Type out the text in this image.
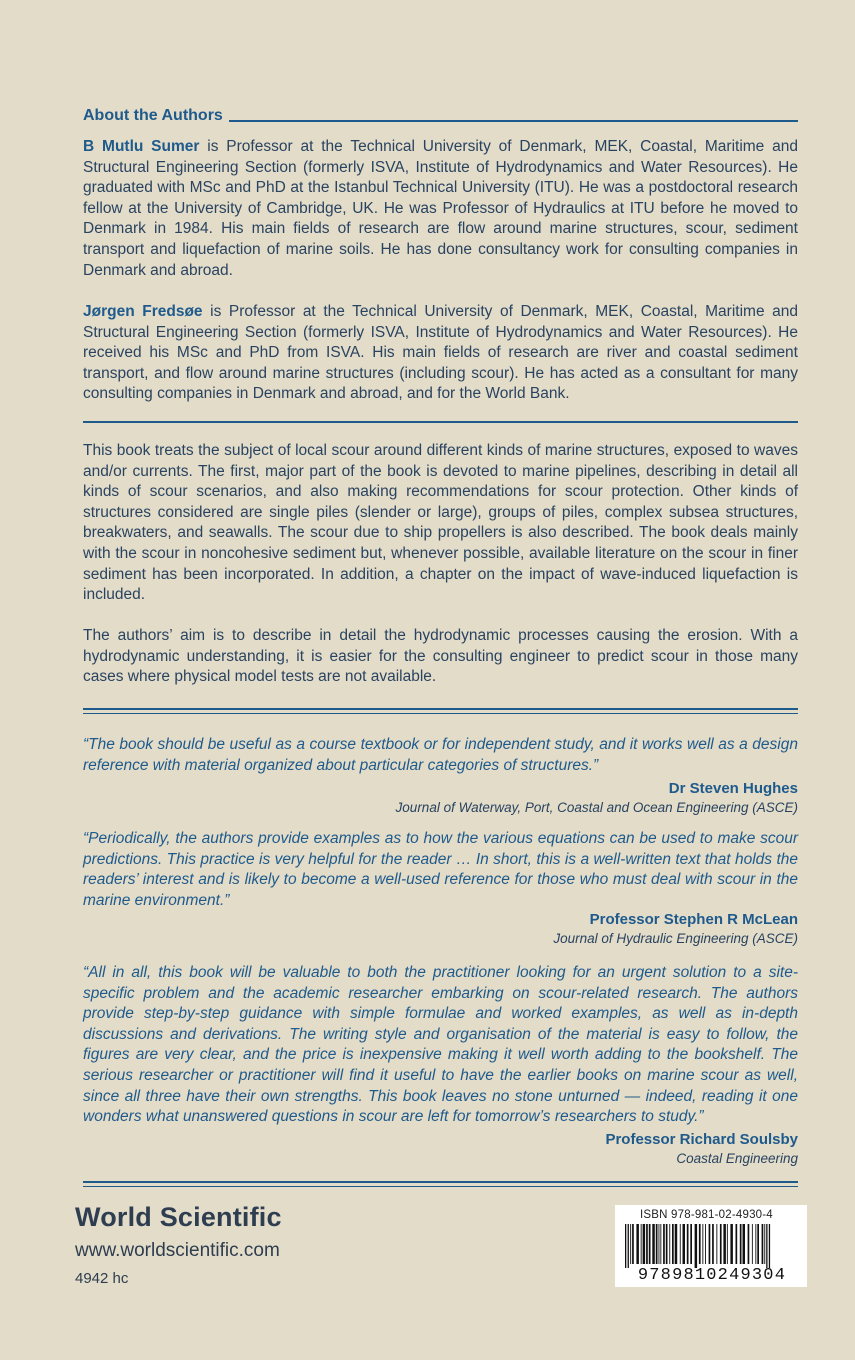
About the Authors

B Mutlu Sumer is Professor at the Technical University of Denmark, MEK, Coastal, Maritime and Structural Engineering Section (formerly ISVA, Institute of Hydrodynamics and Water Resources). He graduated with MSc and PhD at the Istanbul Technical University (ITU). He was a postdoctoral research fellow at the University of Cambridge, UK. He was Professor of Hydraulics at ITU before he moved to Denmark in 1984. His main fields of research are flow around marine structures, scour, sediment transport and liquefaction of marine soils. He has done consultancy work for consulting companies in Denmark and abroad.

Jørgen Fredsøe is Professor at the Technical University of Denmark, MEK, Coastal, Maritime and Structural Engineering Section (formerly ISVA, Institute of Hydrodynamics and Water Resources). He received his MSc and PhD from ISVA. His main fields of research are river and coastal sediment transport, and flow around marine structures (including scour). He has acted as a consultant for many consulting companies in Denmark and abroad, and for the World Bank.

This book treats the subject of local scour around different kinds of marine structures, exposed to waves and/or currents. The first, major part of the book is devoted to marine pipelines, describing in detail all kinds of scour scenarios, and also making recommendations for scour protection. Other kinds of structures considered are single piles (slender or large), groups of piles, complex subsea structures, breakwaters, and seawalls. The scour due to ship propellers is also described. The book deals mainly with the scour in noncohesive sediment but, whenever possible, available literature on the scour in finer sediment has been incorporated. In addition, a chapter on the impact of wave-induced liquefaction is included.

The authors’ aim is to describe in detail the hydrodynamic processes causing the erosion. With a hydrodynamic understanding, it is easier for the consulting engineer to predict scour in those many cases where physical model tests are not available.

“The book should be useful as a course textbook or for independent study, and it works well as a design reference with material organized about particular categories of structures.”

Dr Steven Hughes
Journal of Waterway, Port, Coastal and Ocean Engineering (ASCE)

“Periodically, the authors provide examples as to how the various equations can be used to make scour predictions. This practice is very helpful for the reader … In short, this is a well-written text that holds the readers’ interest and is likely to become a well-used reference for those who must deal with scour in the marine environment.”

Professor Stephen R McLean
Journal of Hydraulic Engineering (ASCE)

“All in all, this book will be valuable to both the practitioner looking for an urgent solution to a site-specific problem and the academic researcher embarking on scour-related research. The authors provide step-by-step guidance with simple formulae and worked examples, as well as in-depth discussions and derivations. The writing style and organisation of the material is easy to follow, the figures are very clear, and the price is inexpensive making it well worth adding to the bookshelf. The serious researcher or practitioner will find it useful to have the earlier books on marine scour as well, since all three have their own strengths. This book leaves no stone unturned — indeed, reading it one wonders what unanswered questions in scour are left for tomorrow’s researchers to study.”

Professor Richard Soulsby
Coastal Engineering
World Scientific
www.worldscientific.com
4942 hc
ISBN 978-981-02-4930-4
9789810249304
